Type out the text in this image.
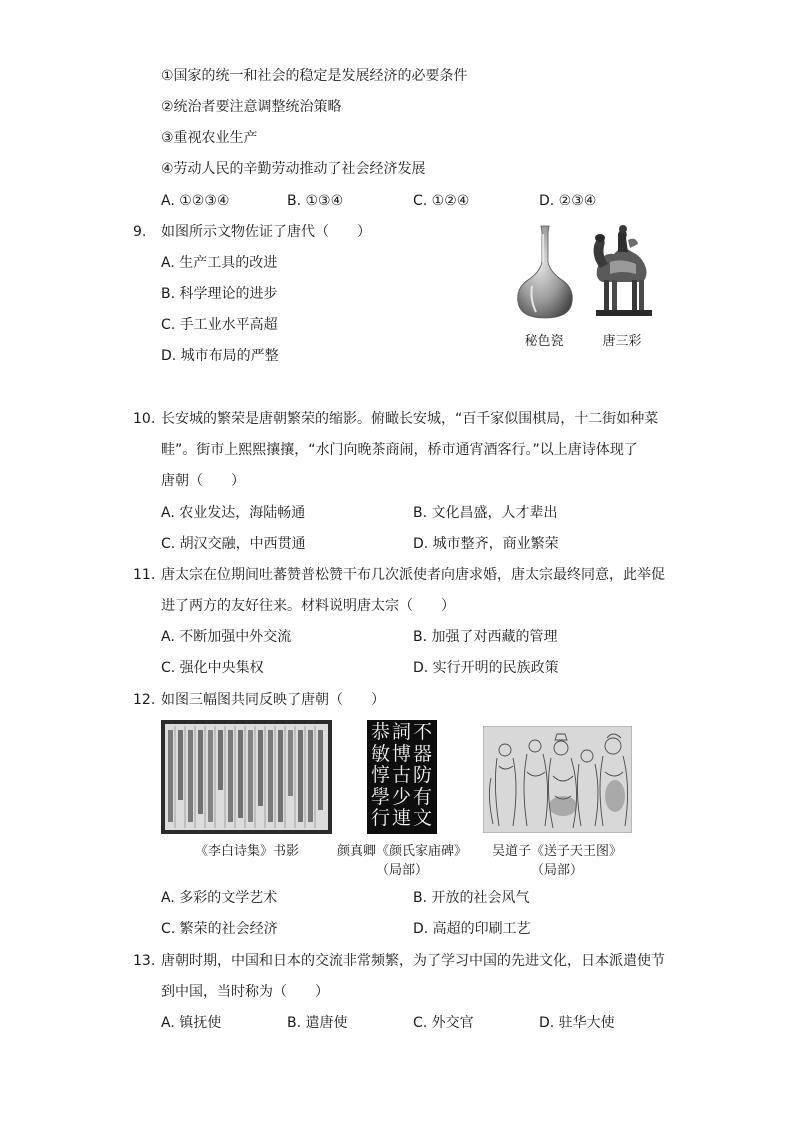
①国家的统一和社会的稳定是发展经济的必要条件
②统治者要注意调整统治策略
③重视农业生产
④劳动人民的辛勤劳动推动了社会经济发展
A. ①②③④	B. ①③④	C. ①②④	D. ②③④
9. 如图所示文物佐证了唐代（　　）
A. 生产工具的改进
B. 科学理论的进步
C. 手工业水平高超
D. 城市布局的严整
秘色瓷	唐三彩
10. 长安城的繁荣是唐朝繁荣的缩影。俯瞰长安城，“百千家似围棋局，十二街如种菜
畦”。街市上熙熙攘攘，“水门向晚茶商闹，桥市通宵酒客行。”以上唐诗体现了
唐朝（　　）
A. 农业发达，海陆畅通	B. 文化昌盛，人才辈出
C. 胡汉交融，中西贯通	D. 城市整齐，商业繁荣
11. 唐太宗在位期间吐蕃赞普松赞干布几次派使者向唐求婚，唐太宗最终同意，此举促
进了两方的友好往来。材料说明唐太宗（　　）
A. 不断加强中外交流	B. 加强了对西藏的管理
C. 强化中央集权	D. 实行开明的民族政策
12. 如图三幅图共同反映了唐朝（　　）
不器防有文
詞博古少連
恭敏惇學行
《李白诗集》书影	颜真卿《颜氏家庙碑》
（局部）
吴道子《送子天王图》
（局部）
A. 多彩的文学艺术	B. 开放的社会风气
C. 繁荣的社会经济	D. 高超的印刷工艺
13. 唐朝时期，中国和日本的交流非常频繁，为了学习中国的先进文化，日本派遣使节
到中国，当时称为（　　）
A. 镇抚使	B. 遣唐使	C. 外交官	D. 驻华大使
